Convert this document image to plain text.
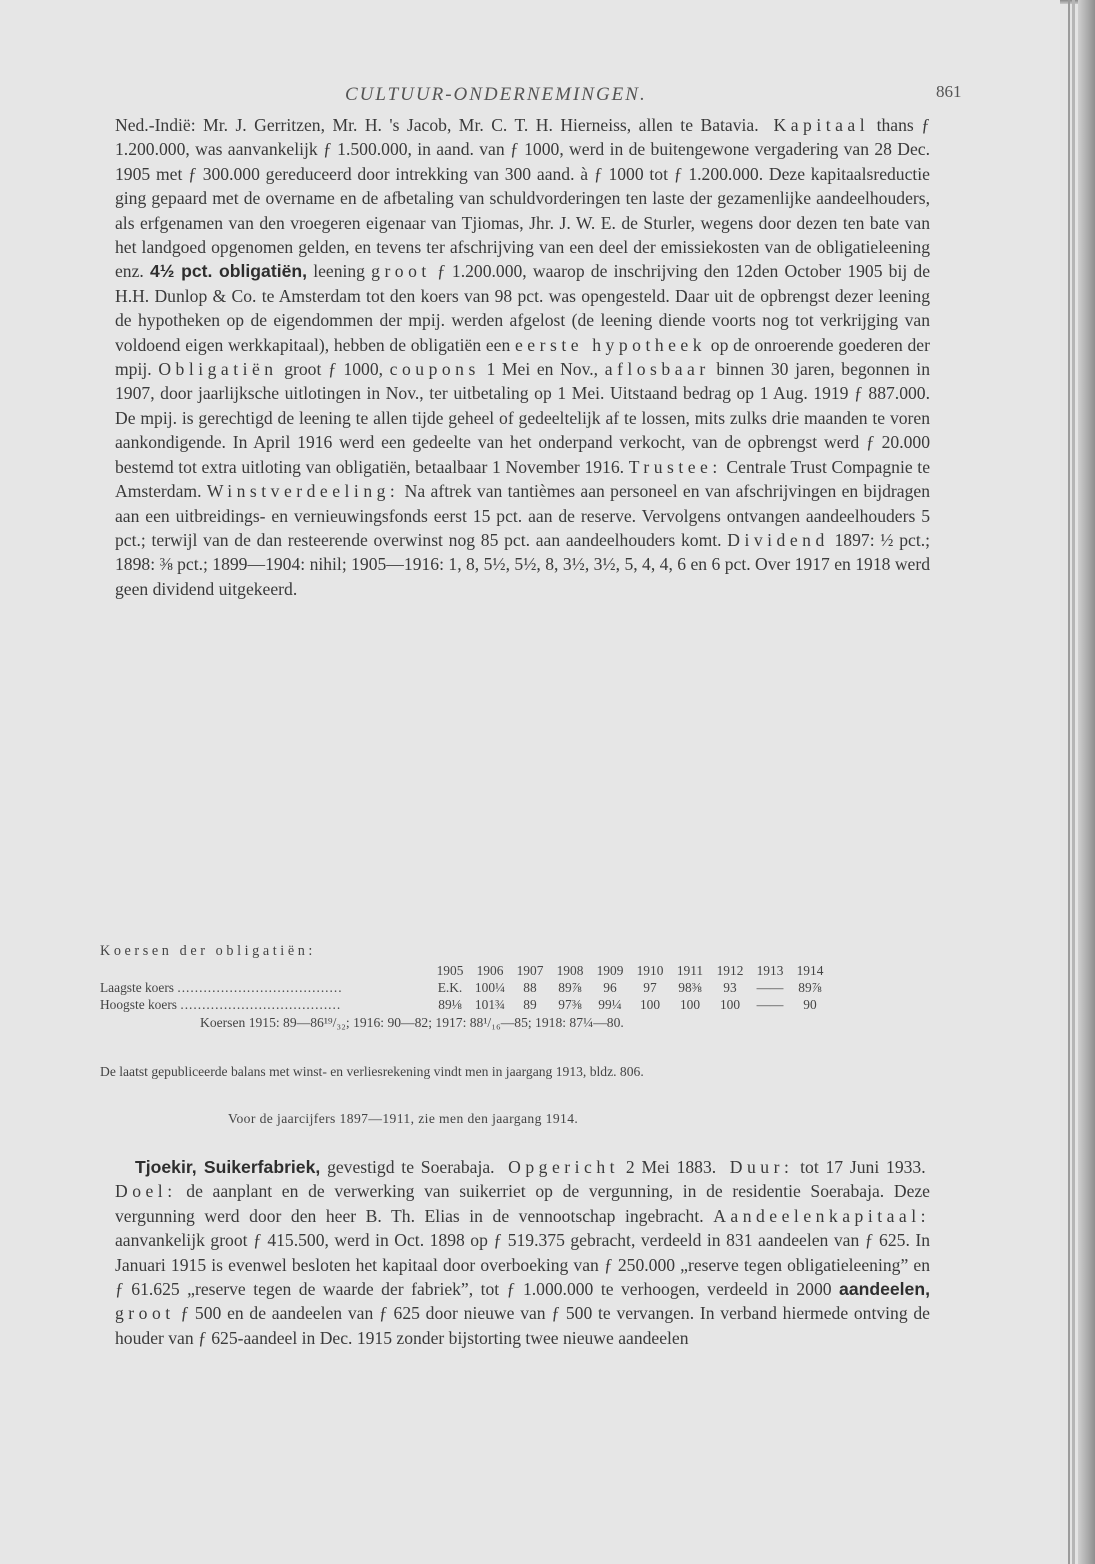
CULTUUR-ONDERNEMINGEN.	861

Ned.-Indië: Mr. J. Gerritzen, Mr. H. 's Jacob, Mr. C. T. H. Hierneiss, allen te Batavia. Kapitaal thans ƒ 1.200.000, was aanvankelijk ƒ 1.500.000, in aand. van ƒ 1000, werd in de buitengewone vergadering van 28 Dec. 1905 met ƒ 300.000 gereduceerd door intrekking van 300 aand. à ƒ 1000 tot ƒ 1.200.000. Deze kapitaalsreductie ging gepaard met de overname en de afbetaling van schuldvorderingen ten laste der gezamenlijke aandeelhouders, als erfgenamen van den vroegeren eigenaar van Tjiomas, Jhr. J. W. E. de Sturler, wegens door dezen ten bate van het landgoed opgenomen gelden, en tevens ter afschrijving van een deel der emissiekosten van de obligatieleening enz. 4½ pct. obligatiën, leening groot ƒ 1.200.000, waarop de inschrijving den 12den October 1905 bij de H.H. Dunlop & Co. te Amsterdam tot den koers van 98 pct. was opengesteld. Daar uit de opbrengst dezer leening de hypotheken op de eigendommen der mpij. werden afgelost (de leening diende voorts nog tot verkrijging van voldoend eigen werkkapitaal), hebben de obligatiën een eerste hypotheek op de onroerende goederen der mpij. Obligatiën groot ƒ 1000, coupons 1 Mei en Nov., aflosbaar binnen 30 jaren, begonnen in 1907, door jaarlijksche uitlotingen in Nov., ter uitbetaling op 1 Mei. Uitstaand bedrag op 1 Aug. 1919 ƒ 887.000. De mpij. is gerechtigd de leening te allen tijde geheel of gedeeltelijk af te lossen, mits zulks drie maanden te voren aankondigende. In April 1916 werd een gedeelte van het onderpand verkocht, van de opbrengst werd ƒ 20.000 bestemd tot extra uitloting van obligatiën, betaalbaar 1 November 1916. Trustee: Centrale Trust Compagnie te Amsterdam. Winstverdeeling: Na aftrek van tantièmes aan personeel en van afschrijvingen en bijdragen aan een uitbreidings- en vernieuwingsfonds eerst 15 pct. aan de reserve. Vervolgens ontvangen aandeelhouders 5 pct.; terwijl van de dan resteerende overwinst nog 85 pct. aan aandeelhouders komt. Dividend 1897: ½ pct.; 1898: ⅜ pct.; 1899—1904: nihil; 1905—1916: 1, 8, 5½, 5½, 8, 3½, 3½, 5, 4, 4, 6 en 6 pct. Over 1917 en 1918 werd geen dividend uitgekeerd.

Koersen der obligatiën:
	1905	1906	1907	1908	1909	1910	1911	1912	1913	1914
Laagste koers ......................................	E.K.	100¼	88	89⅞	96	97	98⅜	93	——	89⅞
Hoogste koers .....................................	89⅛	101¾	89	97⅜	99¼	100	100	100	——	90
Koersen 1915: 89—86¹⁹/₃₂; 1916: 90—82; 1917: 88¹/₁₆—85; 1918: 87¼—80.
De laatst gepubliceerde balans met winst- en verliesrekening vindt men in jaargang 1913, bldz. 806.
Voor de jaarcijfers 1897—1911, zie men den jaargang 1914.

Tjoekir, Suikerfabriek, gevestigd te Soerabaja. Opgericht 2 Mei 1883. Duur: tot 17 Juni 1933.  Doel: de aanplant en de verwerking van suikerriet op de vergunning, in de residentie Soerabaja. Deze vergunning werd door den heer B. Th. Elias in de vennootschap ingebracht. Aandeelenkapitaal: aanvankelijk groot ƒ 415.500, werd in Oct. 1898 op ƒ 519.375 gebracht, verdeeld in 831 aandeelen van ƒ 625. In Januari 1915 is evenwel besloten het kapitaal door overboeking van ƒ 250.000 „reserve tegen obligatieleening” en ƒ 61.625 „reserve tegen de waarde der fabriek”, tot ƒ 1.000.000 te verhoogen, verdeeld in 2000 aandeelen, groot ƒ 500 en de aandeelen van ƒ 625 door nieuwe van ƒ 500 te vervangen. In verband hiermede ontving de houder van ƒ 625-aandeel in Dec. 1915 zonder bijstorting twee nieuwe aandeelen
